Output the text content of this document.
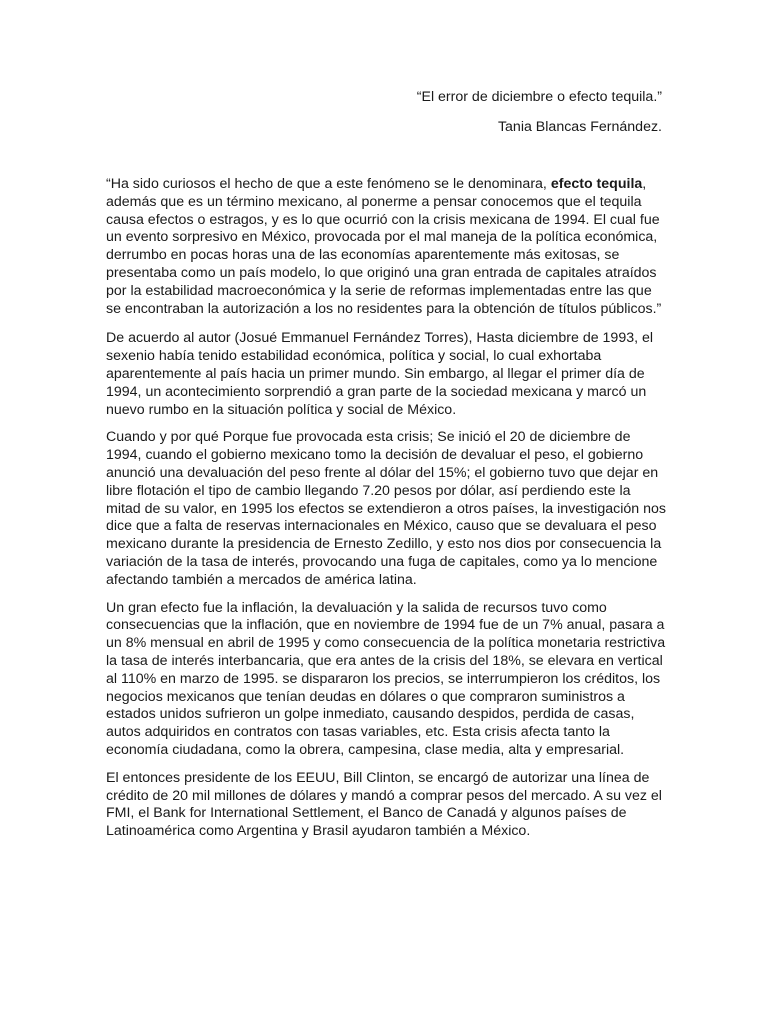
“El error de diciembre o efecto tequila.”

Tania Blancas Fernández.

“Ha sido curiosos el hecho de que a este fenómeno se le denominara, efecto tequila, además que es un término mexicano, al ponerme a pensar conocemos que el tequila causa efectos o estragos, y es lo que ocurrió con la crisis mexicana de 1994. El cual fue un evento sorpresivo en México, provocada por el mal maneja de la política económica, derrumbo en pocas horas una de las economías aparentemente más exitosas, se presentaba como un país modelo, lo que originó una gran entrada de capitales atraídos por la estabilidad macroeconómica y la serie de reformas implementadas entre las que se encontraban la autorización a los no residentes para la obtención de títulos públicos.”

De acuerdo al autor (Josué Emmanuel Fernández Torres), Hasta diciembre de 1993, el sexenio había tenido estabilidad económica, política y social, lo cual exhortaba aparentemente al país hacia un primer mundo. Sin embargo, al llegar el primer día de 1994, un acontecimiento sorprendió a gran parte de la sociedad mexicana y marcó un nuevo rumbo en la situación política y social de México.

Cuando y por qué Porque fue provocada esta crisis; Se inició el 20 de diciembre de 1994, cuando el gobierno mexicano tomo la decisión de devaluar el peso, el gobierno anunció una devaluación del peso frente al dólar del 15%; el gobierno tuvo que dejar en libre flotación el tipo de cambio llegando 7.20 pesos por dólar, así perdiendo este la mitad de su valor, en 1995 los efectos se extendieron a otros países, la investigación nos dice que a falta de reservas internacionales en México, causo que se devaluara el peso mexicano durante la presidencia de Ernesto Zedillo, y esto nos dios por consecuencia la variación de la tasa de interés, provocando una fuga de capitales, como ya lo mencione afectando también a mercados de américa latina.

Un gran efecto fue la inflación, la devaluación y la salida de recursos tuvo como consecuencias que la inflación, que en noviembre de 1994 fue de un 7% anual, pasara a un 8% mensual en abril de 1995 y como consecuencia de la política monetaria restrictiva la tasa de interés interbancaria, que era antes de la crisis del 18%, se elevara en vertical al 110% en marzo de 1995. se dispararon los precios, se interrumpieron los créditos, los negocios mexicanos que tenían deudas en dólares o que compraron suministros a estados unidos sufrieron un golpe inmediato, causando despidos, perdida de casas, autos adquiridos en contratos con tasas variables, etc. Esta crisis afecta tanto la economía ciudadana, como la obrera, campesina, clase media, alta y empresarial.

El entonces presidente de los EEUU, Bill Clinton, se encargó de autorizar una línea de crédito de 20 mil millones de dólares y mandó a comprar pesos del mercado. A su vez el FMI, el Bank for International Settlement, el Banco de Canadá y algunos países de Latinoamérica como Argentina y Brasil ayudaron también a México.
